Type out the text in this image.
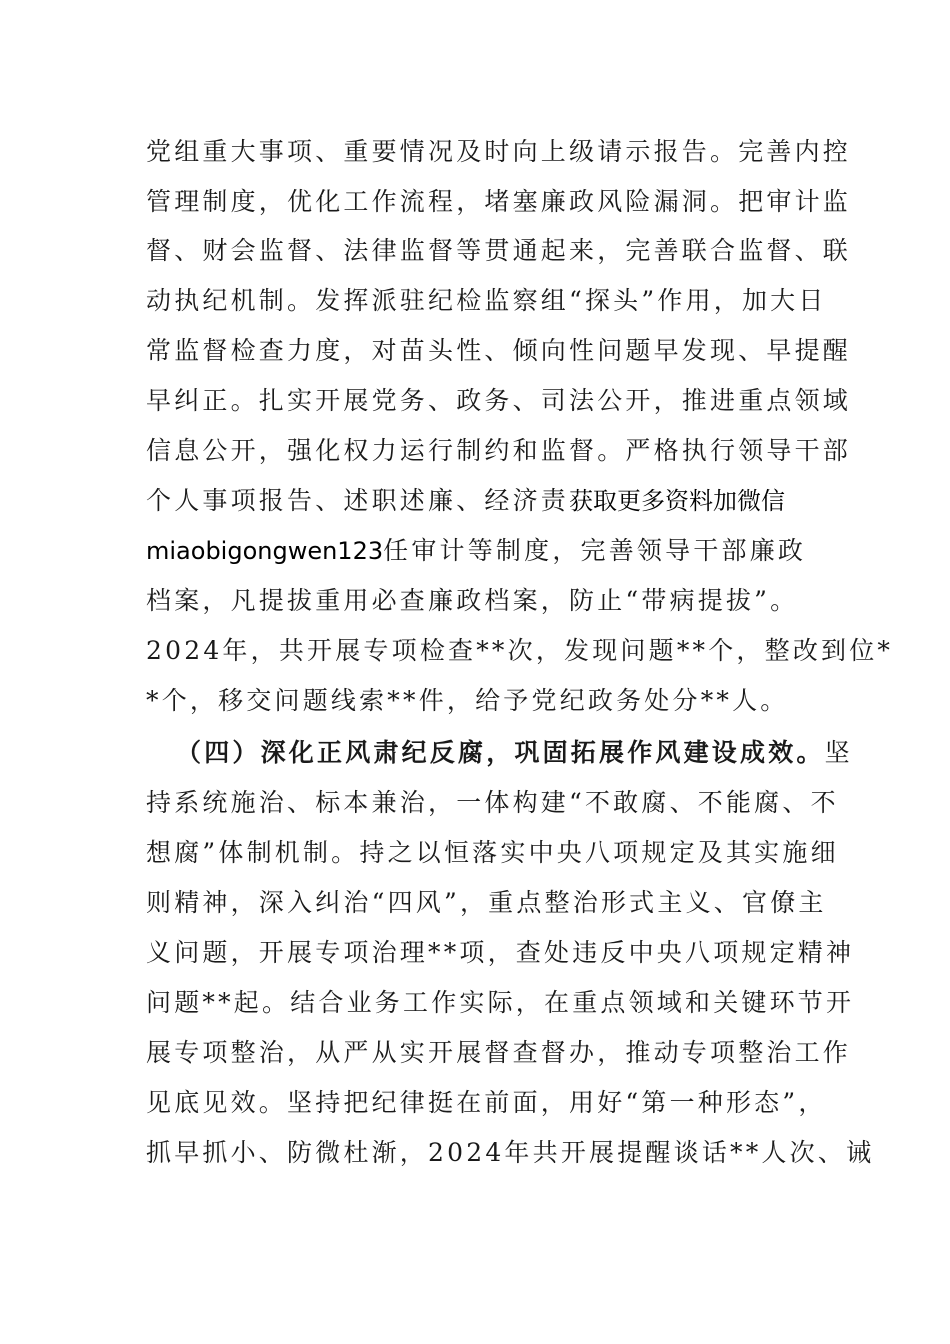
党组重大事项、重要情况及时向上级请示报告。完善内控
管理制度，优化工作流程，堵塞廉政风险漏洞。把审计监
督、财会监督、法律监督等贯通起来，完善联合监督、联
动执纪机制。发挥派驻纪检监察组“探头”作用，加大日
常监督检查力度，对苗头性、倾向性问题早发现、早提醒
早纠正。扎实开展党务、政务、司法公开，推进重点领域
信息公开，强化权力运行制约和监督。严格执行领导干部
个人事项报告、述职述廉、经济责获取更多资料加微信
miaobigongwen123任审计等制度，完善领导干部廉政
档案，凡提拔重用必查廉政档案，防止“带病提拔”。
2024年，共开展专项检查**次，发现问题**个，整改到位*
*个，移交问题线索**件，给予党纪政务处分**人。
（四）深化正风肃纪反腐，巩固拓展作风建设成效。坚
持系统施治、标本兼治，一体构建“不敢腐、不能腐、不
想腐”体制机制。持之以恒落实中央八项规定及其实施细
则精神，深入纠治“四风”，重点整治形式主义、官僚主
义问题，开展专项治理**项，查处违反中央八项规定精神
问题**起。结合业务工作实际，在重点领域和关键环节开
展专项整治，从严从实开展督查督办，推动专项整治工作
见底见效。坚持把纪律挺在前面，用好“第一种形态”，
抓早抓小、防微杜渐，2024年共开展提醒谈话**人次、诫
